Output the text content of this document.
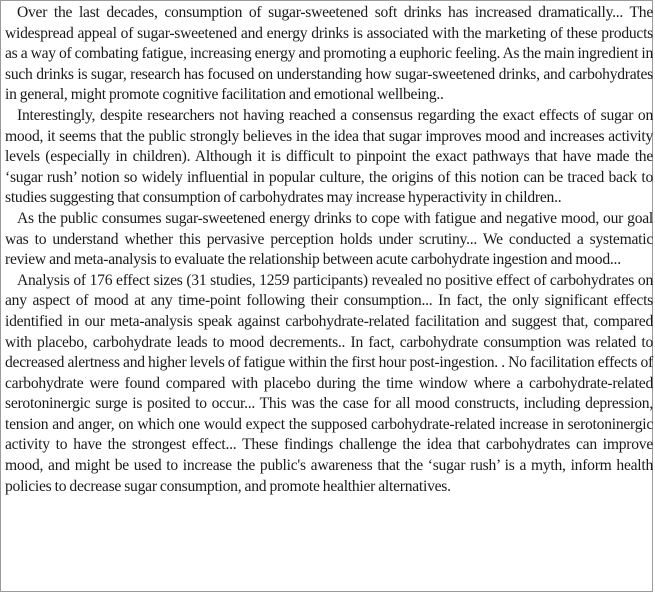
Over the last decades, consumption of sugar-sweetened soft drinks has increased dramatically... The widespread appeal of sugar-sweetened and energy drinks is associated with the marketing of these products as a way of combating fatigue, increasing energy and promoting a euphoric feeling. As the main ingredient in such drinks is sugar, research has focused on understanding how sugar-sweetened drinks, and carbohydrates in general, might promote cognitive facilitation and emotional wellbeing..

Interestingly, despite researchers not having reached a consensus regarding the exact effects of sugar on mood, it seems that the public strongly believes in the idea that sugar improves mood and increases activity levels (especially in children). Although it is difficult to pinpoint the exact pathways that have made the ‘sugar rush’ notion so widely influential in popular culture, the origins of this notion can be traced back to studies suggesting that consumption of carbohydrates may increase hyperactivity in children..

As the public consumes sugar-sweetened energy drinks to cope with fatigue and negative mood, our goal was to understand whether this pervasive perception holds under scrutiny... We conducted a systematic review and meta-analysis to evaluate the relationship between acute carbohydrate ingestion and mood...

Analysis of 176 effect sizes (31 studies, 1259 participants) revealed no positive effect of carbohydrates on any aspect of mood at any time-point following their consumption... In fact, the only significant effects identified in our meta-analysis speak against carbohydrate-related facilitation and suggest that, compared with placebo, carbohydrate leads to mood decrements.. In fact, carbohydrate consumption was related to decreased alertness and higher levels of fatigue within the first hour post-ingestion. . No facilitation effects of carbohydrate were found compared with placebo during the time window where a carbohydrate-related serotoninergic surge is posited to occur... This was the case for all mood constructs, including depression, tension and anger, on which one would expect the supposed carbohydrate-related increase in serotoninergic activity to have the strongest effect... These findings challenge the idea that carbohydrates can improve mood, and might be used to increase the public's awareness that the ‘sugar rush’ is a myth, inform health policies to decrease sugar consumption, and promote healthier alternatives.
